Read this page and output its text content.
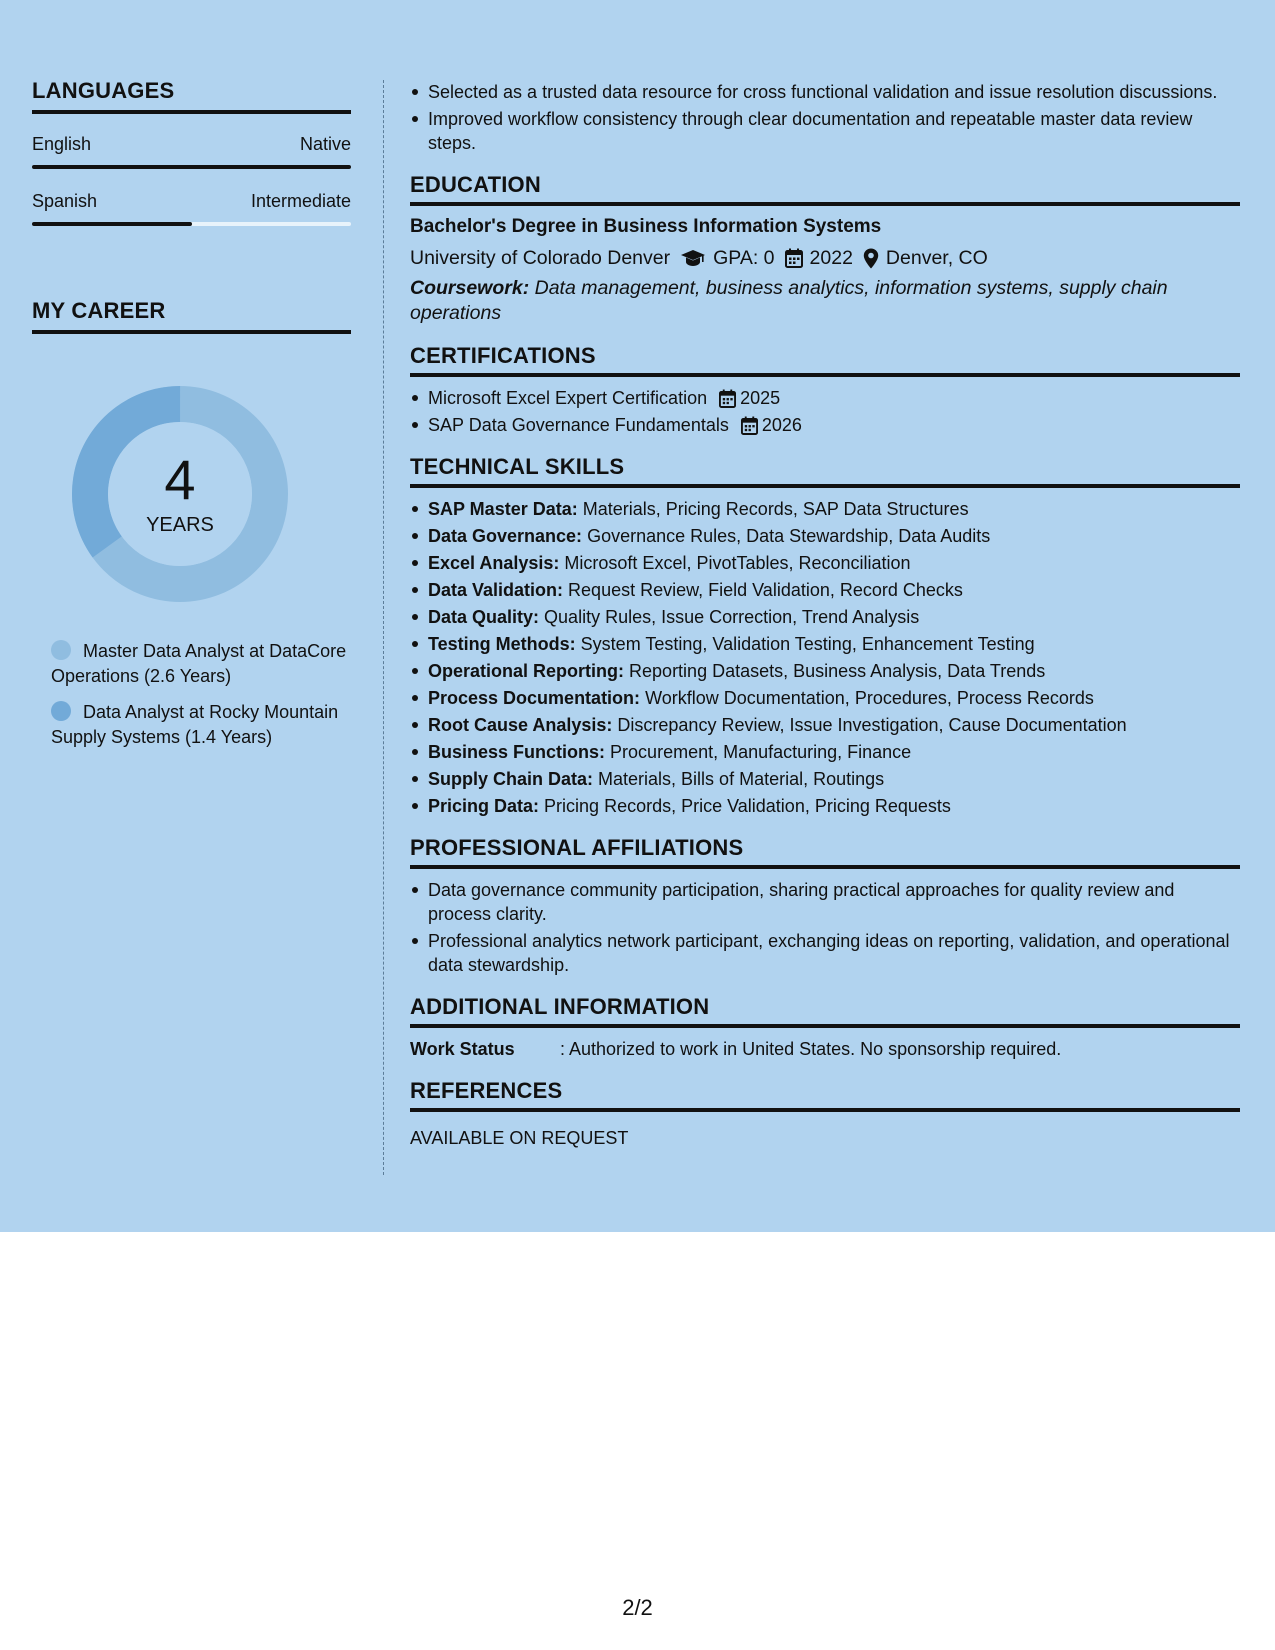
LANGUAGES
English	Native
Spanish	Intermediate
MY CAREER
4
YEARS
Master Data Analyst at DataCore Operations (2.6 Years)
Data Analyst at Rocky Mountain Supply Systems (1.4 Years)
Selected as a trusted data resource for cross functional validation and issue resolution discussions.
Improved workflow consistency through clear documentation and repeatable master data review steps.
EDUCATION
Bachelor's Degree in Business Information Systems
University of Colorado Denver GPA: 0 2022 Denver, CO
Coursework: Data management, business analytics, information systems, supply chain operations
CERTIFICATIONS
Microsoft Excel Expert Certification 2025
SAP Data Governance Fundamentals 2026
TECHNICAL SKILLS
SAP Master Data: Materials, Pricing Records, SAP Data Structures
Data Governance: Governance Rules, Data Stewardship, Data Audits
Excel Analysis: Microsoft Excel, PivotTables, Reconciliation
Data Validation: Request Review, Field Validation, Record Checks
Data Quality: Quality Rules, Issue Correction, Trend Analysis
Testing Methods: System Testing, Validation Testing, Enhancement Testing
Operational Reporting: Reporting Datasets, Business Analysis, Data Trends
Process Documentation: Workflow Documentation, Procedures, Process Records
Root Cause Analysis: Discrepancy Review, Issue Investigation, Cause Documentation
Business Functions: Procurement, Manufacturing, Finance
Supply Chain Data: Materials, Bills of Material, Routings
Pricing Data: Pricing Records, Price Validation, Pricing Requests
PROFESSIONAL AFFILIATIONS
Data governance community participation, sharing practical approaches for quality review and process clarity.
Professional analytics network participant, exchanging ideas on reporting, validation, and operational data stewardship.
ADDITIONAL INFORMATION
Work Status	: Authorized to work in United States. No sponsorship required.
REFERENCES
AVAILABLE ON REQUEST
2/2
